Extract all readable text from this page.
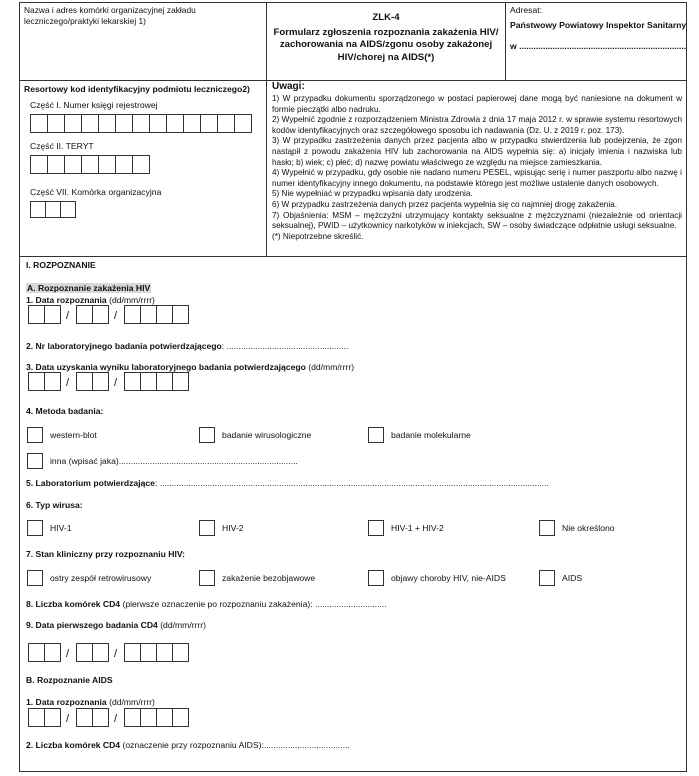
Nazwa i adres komórki organizacyjnej zakładu leczniczego/praktyki lekarskiej 1)	ZLK-4
Formularz zgłoszenia rozpoznania zakażenia HIV/
zachorowania na AIDS/zgonu osoby zakażonej
HIV/chorej na AIDS(*)
Adresat:
Państwowy Powiatowy Inspektor Sanitarny
w ......................................................................
Resortowy kod identyfikacyjny podmiotu leczniczego2)
Część I. Numer księgi rejestrowej
Część II. TERYT
Część VII. Komórka organizacyjna
Uwagi:

1) W przypadku dokumentu sporządzonego w postaci papierowej dane mogą być naniesione na dokument w formie pieczątki albo nadruku.

2) Wypełnić zgodnie z rozporządzeniem Ministra Zdrowia z dnia 17 maja 2012 r. w sprawie systemu resortowych kodów identyfikacyjnych oraz szczegółowego sposobu ich nadawania (Dz. U. z 2019 r. poz. 173).

3) W przypadku zastrzeżenia danych przez pacjenta albo w przypadku stwierdzenia lub podejrzenia, że zgon nastąpił z powodu zakażenia HIV lub zachorowania na AIDS wypełnia się: a) inicjały imienia i nazwiska lub hasło; b) wiek; c) płeć; d) nazwę powiatu właściwego ze względu na miejsce zamieszkania.

4) Wypełnić w przypadku, gdy osobie nie nadano numeru PESEL, wpisując serię i numer paszportu albo nazwę i numer identyfikacyjny innego dokumentu, na podstawie którego jest możliwe ustalenie danych osobowych.

5) Nie wypełniać w przypadku wpisania daty urodzenia.

6) W przypadku zastrzeżenia danych przez pacjenta wypełnia się co najmniej drogę zakażenia.

7) Objaśnienia: MSM – mężczyźni utrzymujący kontakty seksualne z mężczyznami (niezależnie od orientacji seksualnej), PWID – użytkownicy narkotyków w iniekcjach, SW – osoby świadczące odpłatnie usługi seksualne.

(*) Niepotrzebne skreślić.

I. ROZPOZNANIE
A. Rozpoznanie zakażenia HIV
1. Data rozpoznania (dd/mm/rrrr)
/	/
2. Nr laboratoryjnego badania potwierdzającego: ...................................................
3. Data uzyskania wyniku laboratoryjnego badania potwierdzającego (dd/mm/rrrr)
/	/
4. Metoda badania:
western-blot	badanie wirusologiczne	badanie molekularne
inna (wpisać jaka)...........................................................................
5. Laboratorium potwierdzające: ...................................................................................................................................................................
6. Typ wirusa:
HIV-1	HIV-2	HIV-1 + HIV-2	Nie określono
7. Stan kliniczny przy rozpoznaniu HIV:
ostry zespół retrowirusowy	zakażenie bezobjawowe	objawy choroby HIV, nie-AIDS	AIDS
8. Liczba komórek CD4 (pierwsze oznaczenie po rozpoznaniu zakażenia): ..............................
9. Data pierwszego badania CD4 (dd/mm/rrrr)
/	/
B. Rozpoznanie AIDS
1. Data rozpoznania (dd/mm/rrrr)
/	/
2. Liczba komórek CD4 (oznaczenie przy rozpoznaniu AIDS):....................................
